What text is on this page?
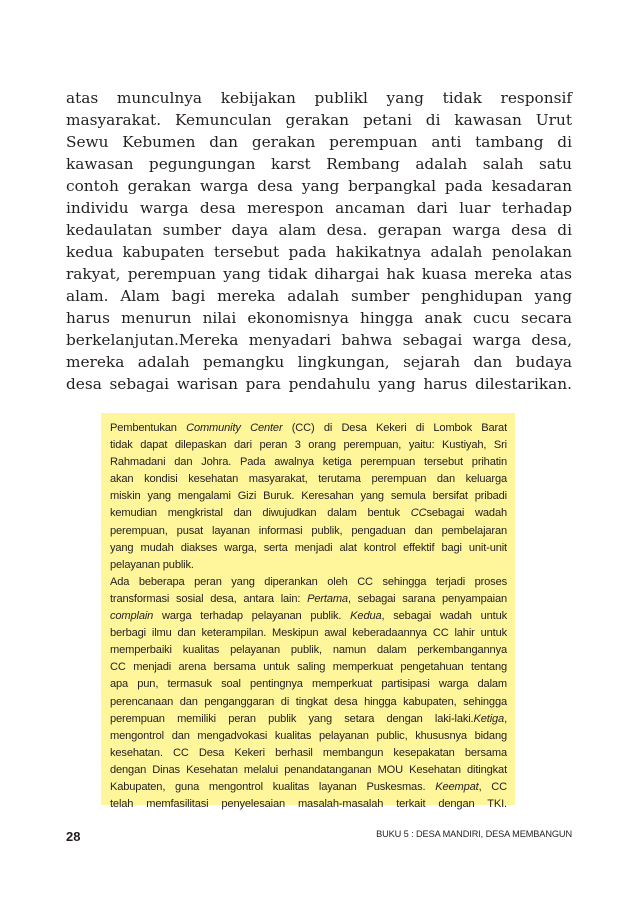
atas munculnya kebijakan publikl yang tidak responsif
masyarakat. Kemunculan gerakan petani di kawasan Urut
Sewu Kebumen dan gerakan perempuan anti tambang di
kawasan pegungungan karst Rembang adalah salah satu
contoh gerakan warga desa yang berpangkal pada kesadaran
individu warga desa merespon ancaman dari luar terhadap
kedaulatan sumber daya alam desa. gerapan warga desa di
kedua kabupaten tersebut pada hakikatnya adalah penolakan
rakyat, perempuan yang tidak dihargai hak kuasa mereka atas
alam. Alam bagi mereka adalah sumber penghidupan yang
harus menurun nilai ekonomisnya hingga anak cucu secara
berkelanjutan.Mereka menyadari bahwa sebagai warga desa,
mereka adalah pemangku lingkungan, sejarah dan budaya
desa sebagai warisan para pendahulu yang harus dilestarikan.
Pembentukan Community Center (CC) di Desa Kekeri di Lombok Barat
tidak dapat dilepaskan dari peran 3 orang perempuan, yaitu: Kustiyah, Sri
Rahmadani dan Johra. Pada awalnya ketiga perempuan tersebut prihatin
akan kondisi kesehatan masyarakat, terutama perempuan dan keluarga
miskin yang mengalami Gizi Buruk. Keresahan yang semula bersifat pribadi
kemudian mengkristal dan diwujudkan dalam bentuk CCsebagai wadah
perempuan, pusat layanan informasi publik, pengaduan dan pembelajaran
yang mudah diakses warga, serta menjadi alat kontrol effektif bagi unit-unit
pelayanan publik.
Ada beberapa peran yang diperankan oleh CC sehingga terjadi proses
transformasi sosial desa, antara lain: Pertama, sebagai sarana penyampaian
complain warga terhadap pelayanan publik. Kedua, sebagai wadah untuk
berbagi ilmu dan keterampilan. Meskipun awal keberadaannya CC lahir untuk
memperbaiki kualitas pelayanan publik, namun dalam perkembangannya
CC menjadi arena bersama untuk saling memperkuat pengetahuan tentang
apa pun, termasuk soal pentingnya memperkuat partisipasi warga dalam
perencanaan dan penganggaran di tingkat desa hingga kabupaten, sehingga
perempuan memiliki peran publik yang setara dengan laki-laki.Ketiga,
mengontrol dan mengadvokasi kualitas pelayanan public, khususnya bidang
kesehatan. CC Desa Kekeri berhasil membangun kesepakatan bersama
dengan Dinas Kesehatan melalui penandatanganan MOU Kesehatan ditingkat
Kabupaten, guna mengontrol kualitas layanan Puskesmas. Keempat, CC
telah memfasilitasi penyelesaian masalah-masalah terkait dengan TKI.
28	BUKU 5 : DESA MANDIRI, DESA MEMBANGUN
